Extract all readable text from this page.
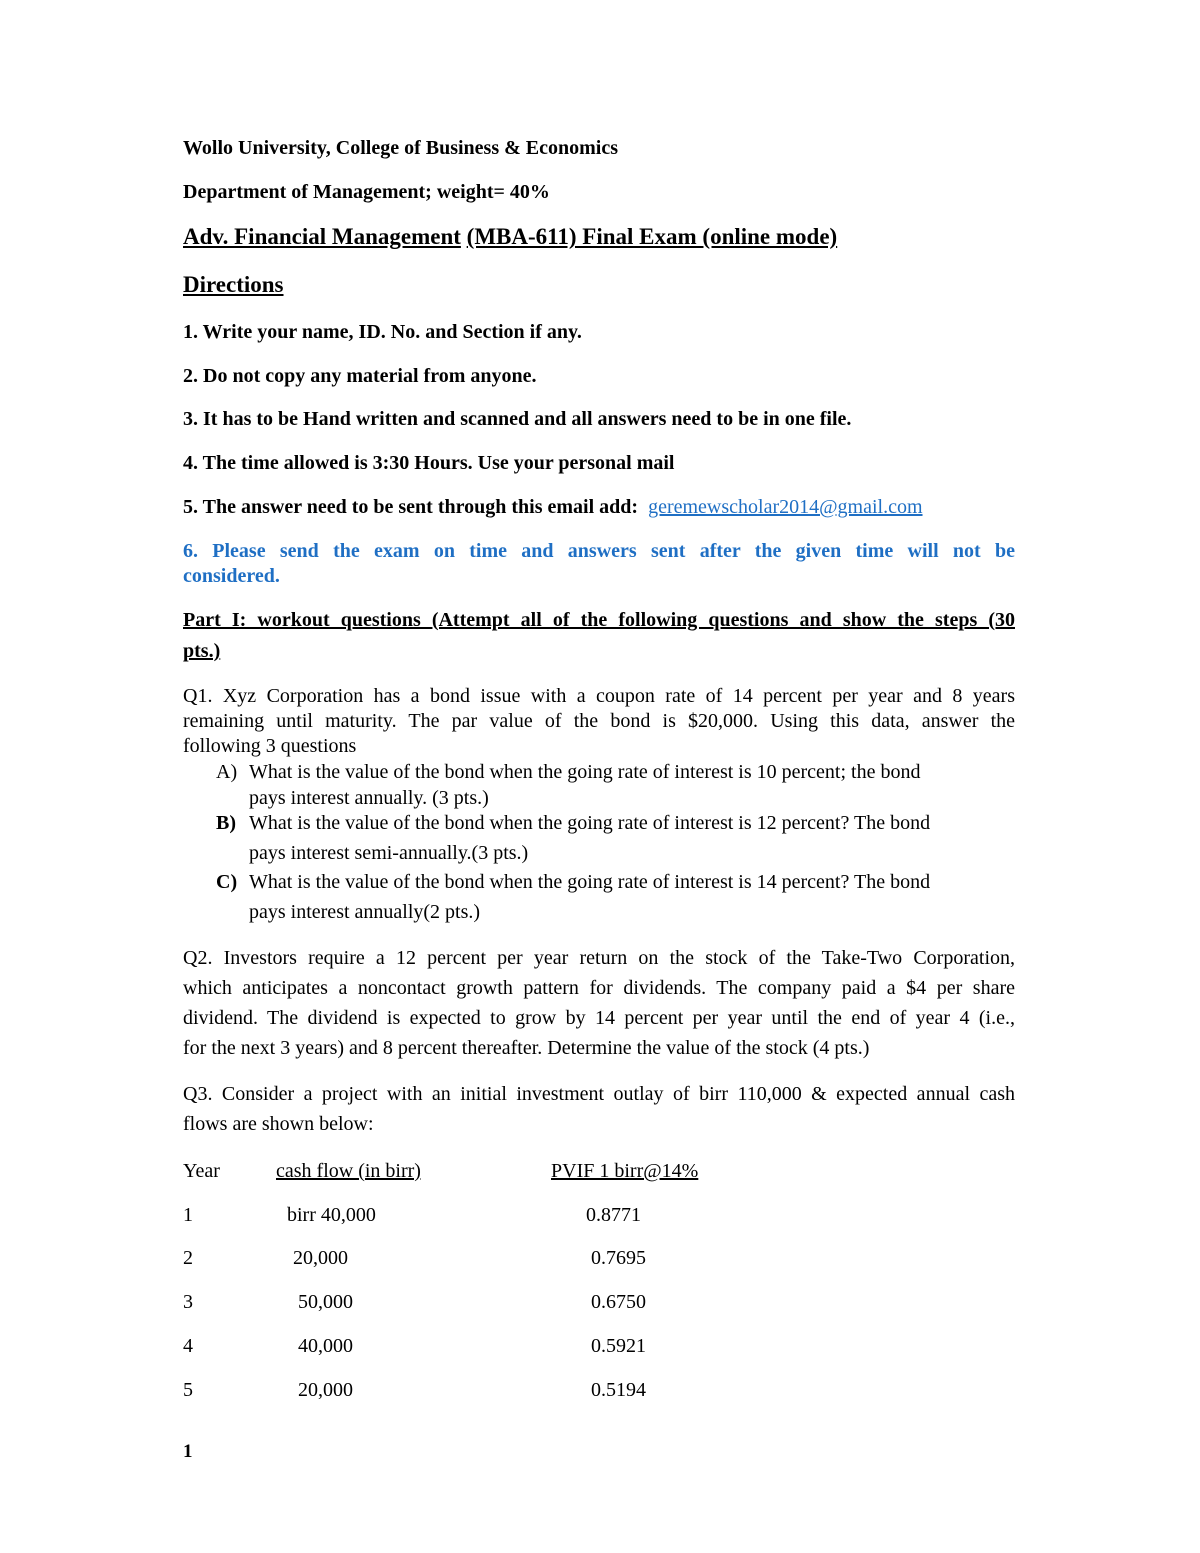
Wollo University, College of Business & Economics

Department of Management; weight= 40%

Adv. Financial Management (MBA-611) Final Exam (online mode)

Directions

1. Write your name, ID. No. and Section if any.

2. Do not copy any material from anyone.

3. It has to be Hand written and scanned and all answers need to be in one file.

4. The time allowed is 3:30 Hours. Use your personal mail

5. The answer need to be sent through this email add: geremewscholar2014@gmail.com

6. Please send the exam on time and answers sent after the given time will not be

considered.

Part I: workout questions (Attempt all of the following questions and show the steps (30

pts.)

Q1. Xyz Corporation has a bond issue with a coupon rate of 14 percent per year and 8 years

remaining until maturity. The par value of the bond is $20,000. Using this data, answer the

following 3 questions

A) What is the value of the bond when the going rate of interest is 10 percent; the bond

pays interest annually. (3 pts.)

B) What is the value of the bond when the going rate of interest is 12 percent? The bond

pays interest semi-annually.(3 pts.)

C) What is the value of the bond when the going rate of interest is 14 percent? The bond

pays interest annually(2 pts.)

Q2. Investors require a 12 percent per year return on the stock of the Take-Two Corporation,

which anticipates a noncontact growth pattern for dividends. The company paid a $4 per share

dividend. The dividend is expected to grow by 14 percent per year until the end of year 4 (i.e.,

for the next 3 years) and 8 percent thereafter. Determine the value of the stock (4 pts.)

Q3. Consider a project with an initial investment outlay of birr 110,000 & expected annual cash

flows are shown below:

Year	cash flow (in birr)	PVIF 1 birr@14%

1	birr 40,000	0.8771

2	20,000	0.7695

3	50,000	0.6750

4	40,000	0.5921

5	20,000	0.5194

1
